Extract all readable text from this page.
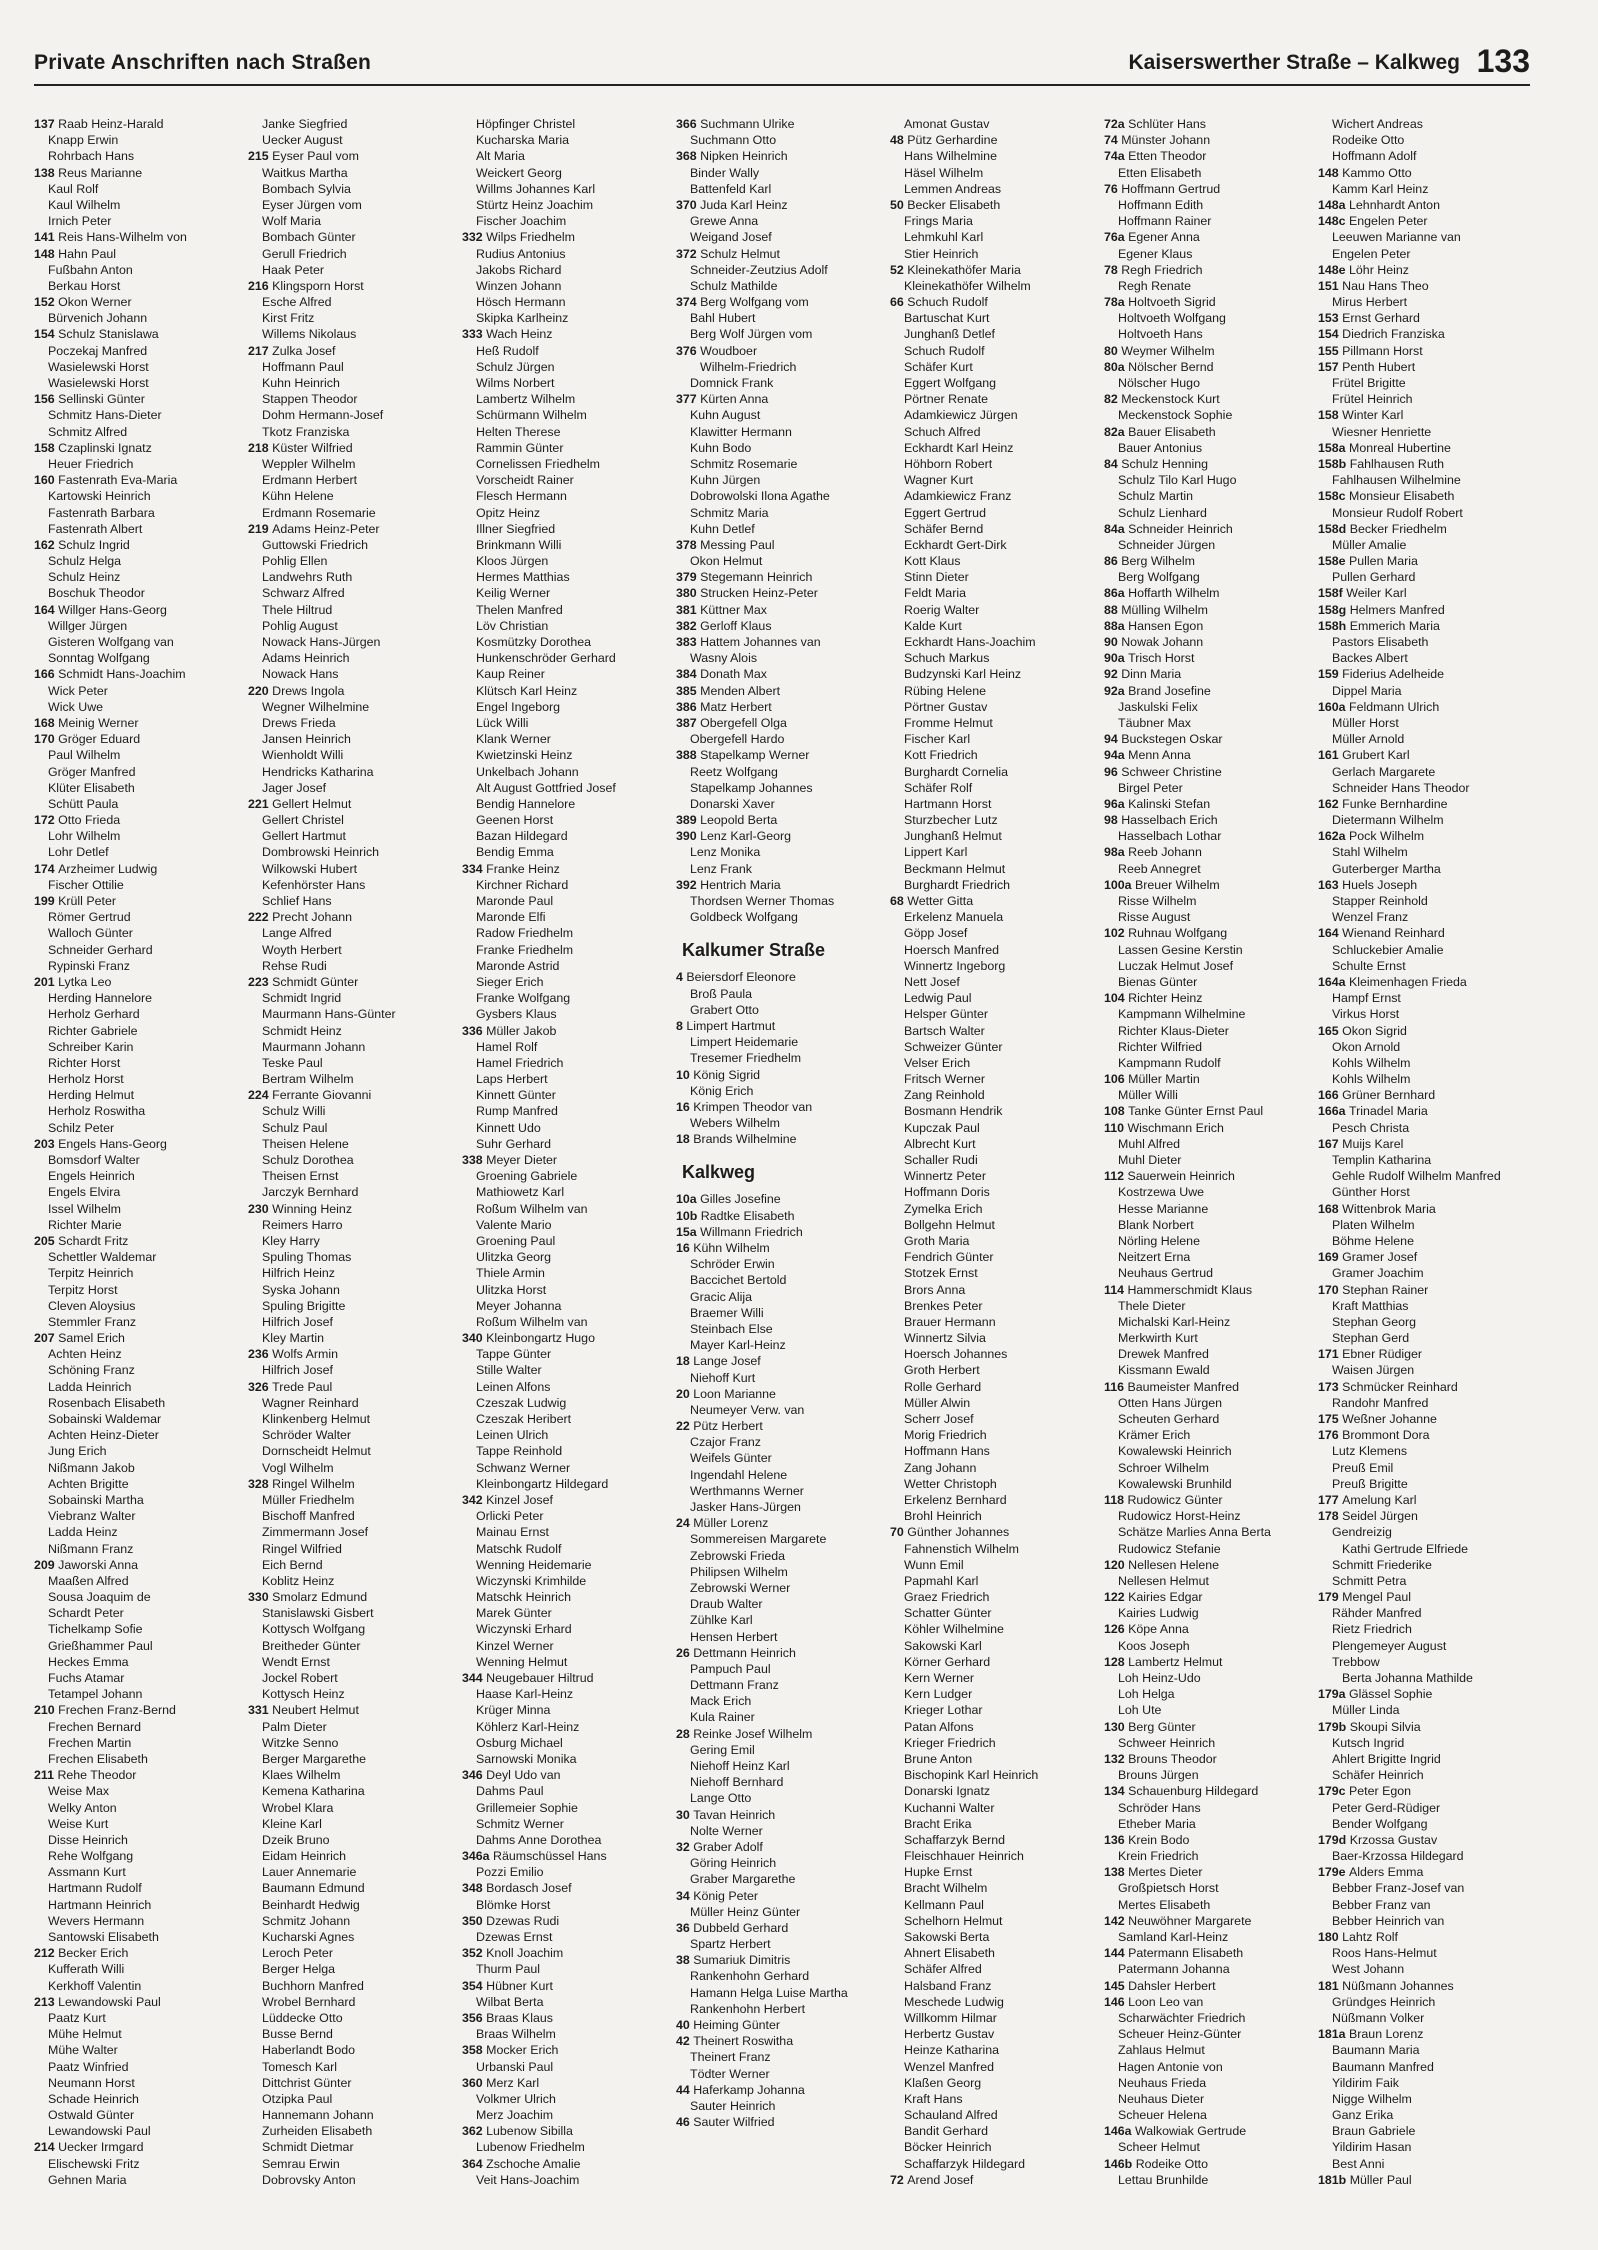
Private Anschriften nach Straßen	Kaiserswerther Straße – Kalkweg 133
137 Raab Heinz-Harald
Knapp Erwin
Rohrbach Hans
138 Reus Marianne
Kaul Rolf
Kaul Wilhelm
Irnich Peter
141 Reis Hans-Wilhelm von
148 Hahn Paul
Fußbahn Anton
Berkau Horst
152 Okon Werner
Bürvenich Johann
154 Schulz Stanislawa
Poczekaj Manfred
Wasielewski Horst
Wasielewski Horst
156 Sellinski Günter
Schmitz Hans-Dieter
Schmitz Alfred
158 Czaplinski Ignatz
Heuer Friedrich
160 Fastenrath Eva-Maria
Kartowski Heinrich
Fastenrath Barbara
Fastenrath Albert
162 Schulz Ingrid
Schulz Helga
Schulz Heinz
Boschuk Theodor
164 Willger Hans-Georg
Willger Jürgen
Gisteren Wolfgang van
Sonntag Wolfgang
166 Schmidt Hans-Joachim
Wick Peter
Wick Uwe
168 Meinig Werner
170 Gröger Eduard
Paul Wilhelm
Gröger Manfred
Klüter Elisabeth
Schütt Paula
172 Otto Frieda
Lohr Wilhelm
Lohr Detlef
174 Arzheimer Ludwig
Fischer Ottilie
199 Krüll Peter
Römer Gertrud
Walloch Günter
Schneider Gerhard
Rypinski Franz
201 Lytka Leo
Herding Hannelore
Herholz Gerhard
Richter Gabriele
Schreiber Karin
Richter Horst
Herholz Horst
Herding Helmut
Herholz Roswitha
Schilz Peter
203 Engels Hans-Georg
Bomsdorf Walter
Engels Heinrich
Engels Elvira
Issel Wilhelm
Richter Marie
205 Schardt Fritz
Schettler Waldemar
Terpitz Heinrich
Terpitz Horst
Cleven Aloysius
Stemmler Franz
207 Samel Erich
Achten Heinz
Schöning Franz
Ladda Heinrich
Rosenbach Elisabeth
Sobainski Waldemar
Achten Heinz-Dieter
Jung Erich
Nißmann Jakob
Achten Brigitte
Sobainski Martha
Viebranz Walter
Ladda Heinz
Nißmann Franz
209 Jaworski Anna
Maaßen Alfred
Sousa Joaquim de
Schardt Peter
Tichelkamp Sofie
Grießhammer Paul
Heckes Emma
Fuchs Atamar
Tetampel Johann
210 Frechen Franz-Bernd
Frechen Bernard
Frechen Martin
Frechen Elisabeth
211 Rehe Theodor
Weise Max
Welky Anton
Weise Kurt
Disse Heinrich
Rehe Wolfgang
Assmann Kurt
Hartmann Rudolf
Hartmann Heinrich
Wevers Hermann
Santowski Elisabeth
212 Becker Erich
Kufferath Willi
Kerkhoff Valentin
213 Lewandowski Paul
Paatz Kurt
Mühe Helmut
Mühe Walter
Paatz Winfried
Neumann Horst
Schade Heinrich
Ostwald Günter
Lewandowski Paul
214 Uecker Irmgard
Elischewski Fritz
Gehnen Maria
Janke Siegfried
Uecker August
215 Eyser Paul vom
Waitkus Martha
Bombach Sylvia
Eyser Jürgen vom
Wolf Maria
Bombach Günter
Gerull Friedrich
Haak Peter
216 Klingsporn Horst
Esche Alfred
Kirst Fritz
Willems Nikolaus
217 Zulka Josef
Hoffmann Paul
Kuhn Heinrich
Stappen Theodor
Dohm Hermann-Josef
Tkotz Franziska
218 Küster Wilfried
Weppler Wilhelm
Erdmann Herbert
Kühn Helene
Erdmann Rosemarie
219 Adams Heinz-Peter
Guttowski Friedrich
Pohlig Ellen
Landwehrs Ruth
Schwarz Alfred
Thele Hiltrud
Pohlig August
Nowack Hans-Jürgen
Adams Heinrich
Nowack Hans
220 Drews Ingola
Wegner Wilhelmine
Drews Frieda
Jansen Heinrich
Wienholdt Willi
Hendricks Katharina
Jager Josef
221 Gellert Helmut
Gellert Christel
Gellert Hartmut
Dombrowski Heinrich
Wilkowski Hubert
Kefenhörster Hans
Schlief Hans
222 Precht Johann
Lange Alfred
Woyth Herbert
Rehse Rudi
223 Schmidt Günter
Schmidt Ingrid
Maurmann Hans-Günter
Schmidt Heinz
Maurmann Johann
Teske Paul
Bertram Wilhelm
224 Ferrante Giovanni
Schulz Willi
Schulz Paul
Theisen Helene
Schulz Dorothea
Theisen Ernst
Jarczyk Bernhard
230 Winning Heinz
Reimers Harro
Kley Harry
Spuling Thomas
Hilfrich Heinz
Syska Johann
Spuling Brigitte
Hilfrich Josef
Kley Martin
236 Wolfs Armin
Hilfrich Josef
326 Trede Paul
Wagner Reinhard
Klinkenberg Helmut
Schröder Walter
Dornscheidt Helmut
Vogl Wilhelm
328 Ringel Wilhelm
Müller Friedhelm
Bischoff Manfred
Zimmermann Josef
Ringel Wilfried
Eich Bernd
Koblitz Heinz
330 Smolarz Edmund
Stanislawski Gisbert
Kottysch Wolfgang
Breitheder Günter
Wendt Ernst
Jockel Robert
Kottysch Heinz
331 Neubert Helmut
Palm Dieter
Witzke Senno
Berger Margarethe
Klaes Wilhelm
Kemena Katharina
Wrobel Klara
Kleine Karl
Dzeik Bruno
Eidam Heinrich
Lauer Annemarie
Baumann Edmund
Beinhardt Hedwig
Schmitz Johann
Kucharski Agnes
Leroch Peter
Berger Helga
Buchhorn Manfred
Wrobel Bernhard
Lüddecke Otto
Busse Bernd
Haberlandt Bodo
Tomesch Karl
Dittchrist Günter
Otzipka Paul
Hannemann Johann
Zurheiden Elisabeth
Schmidt Dietmar
Semrau Erwin
Dobrovsky Anton
Höpfinger Christel
Kucharska Maria
Alt Maria
Weickert Georg
Willms Johannes Karl
Stürtz Heinz Joachim
Fischer Joachim
332 Wilps Friedhelm
Rudius Antonius
Jakobs Richard
Winzen Johann
Hösch Hermann
Skipka Karlheinz
333 Wach Heinz
Heß Rudolf
Schulz Jürgen
Wilms Norbert
Lambertz Wilhelm
Schürmann Wilhelm
Helten Therese
Rammin Günter
Cornelissen Friedhelm
Vorscheidt Rainer
Flesch Hermann
Opitz Heinz
Illner Siegfried
Brinkmann Willi
Kloos Jürgen
Hermes Matthias
Keilig Werner
Thelen Manfred
Löv Christian
Kosmützky Dorothea
Hunkenschröder Gerhard
Kaup Reiner
Klütsch Karl Heinz
Engel Ingeborg
Lück Willi
Klank Werner
Kwietzinski Heinz
Unkelbach Johann
Alt August Gottfried Josef
Bendig Hannelore
Geenen Horst
Bazan Hildegard
Bendig Emma
334 Franke Heinz
Kirchner Richard
Maronde Paul
Maronde Elfi
Radow Friedhelm
Franke Friedhelm
Maronde Astrid
Sieger Erich
Franke Wolfgang
Gysbers Klaus
336 Müller Jakob
Hamel Rolf
Hamel Friedrich
Laps Herbert
Kinnett Günter
Rump Manfred
Kinnett Udo
Suhr Gerhard
338 Meyer Dieter
Groening Gabriele
Mathiowetz Karl
Roßum Wilhelm van
Valente Mario
Groening Paul
Ulitzka Georg
Thiele Armin
Ulitzka Horst
Meyer Johanna
Roßum Wilhelm van
340 Kleinbongartz Hugo
Tappe Günter
Stille Walter
Leinen Alfons
Czeszak Ludwig
Czeszak Heribert
Leinen Ulrich
Tappe Reinhold
Schwanz Werner
Kleinbongartz Hildegard
342 Kinzel Josef
Orlicki Peter
Mainau Ernst
Matschk Rudolf
Wenning Heidemarie
Wiczynski Krimhilde
Matschk Heinrich
Marek Günter
Wiczynski Erhard
Kinzel Werner
Wenning Helmut
344 Neugebauer Hiltrud
Haase Karl-Heinz
Krüger Minna
Köhlerz Karl-Heinz
Osburg Michael
Sarnowski Monika
346 Deyl Udo van
Dahms Paul
Grillemeier Sophie
Schmitz Werner
Dahms Anne Dorothea
346a Räumschüssel Hans
Pozzi Emilio
348 Bordasch Josef
Blömke Horst
350 Dzewas Rudi
Dzewas Ernst
352 Knoll Joachim
Thurm Paul
354 Hübner Kurt
Wilbat Berta
356 Braas Klaus
Braas Wilhelm
358 Mocker Erich
Urbanski Paul
360 Merz Karl
Volkmer Ulrich
Merz Joachim
362 Lubenow Sibilla
Lubenow Friedhelm
364 Zschoche Amalie
Veit Hans-Joachim
366 Suchmann Ulrike
Suchmann Otto
368 Nipken Heinrich
Binder Wally
Battenfeld Karl
370 Juda Karl Heinz
Grewe Anna
Weigand Josef
372 Schulz Helmut
Schneider-Zeutzius Adolf
Schulz Mathilde
374 Berg Wolfgang vom
Bahl Hubert
Berg Wolf Jürgen vom
376 Woudboer
Wilhelm-Friedrich
Domnick Frank
377 Kürten Anna
Kuhn August
Klawitter Hermann
Kuhn Bodo
Schmitz Rosemarie
Kuhn Jürgen
Dobrowolski Ilona Agathe
Schmitz Maria
Kuhn Detlef
378 Messing Paul
Okon Helmut
379 Stegemann Heinrich
380 Strucken Heinz-Peter
381 Küttner Max
382 Gerloff Klaus
383 Hattem Johannes van
Wasny Alois
384 Donath Max
385 Menden Albert
386 Matz Herbert
387 Obergefell Olga
Obergefell Hardo
388 Stapelkamp Werner
Reetz Wolfgang
Stapelkamp Johannes
Donarski Xaver
389 Leopold Berta
390 Lenz Karl-Georg
Lenz Monika
Lenz Frank
392 Hentrich Maria
Thordsen Werner Thomas
Goldbeck Wolfgang
Kalkumer Straße
4 Beiersdorf Eleonore
Broß Paula
Grabert Otto
8 Limpert Hartmut
Limpert Heidemarie
Tresemer Friedhelm
10 König Sigrid
König Erich
16 Krimpen Theodor van
Webers Wilhelm
18 Brands Wilhelmine
Kalkweg
10a Gilles Josefine
10b Radtke Elisabeth
15a Willmann Friedrich
16 Kühn Wilhelm
Schröder Erwin
Baccichet Bertold
Gracic Alija
Braemer Willi
Steinbach Else
Mayer Karl-Heinz
18 Lange Josef
Niehoff Kurt
20 Loon Marianne
Neumeyer Verw. van
22 Pütz Herbert
Czajor Franz
Weifels Günter
Ingendahl Helene
Werthmanns Werner
Jasker Hans-Jürgen
24 Müller Lorenz
Sommereisen Margarete
Zebrowski Frieda
Philipsen Wilhelm
Zebrowski Werner
Draub Walter
Zühlke Karl
Hensen Herbert
26 Dettmann Heinrich
Pampuch Paul
Dettmann Franz
Mack Erich
Kula Rainer
28 Reinke Josef Wilhelm
Gering Emil
Niehoff Heinz Karl
Niehoff Bernhard
Lange Otto
30 Tavan Heinrich
Nolte Werner
32 Graber Adolf
Göring Heinrich
Graber Margarethe
34 König Peter
Müller Heinz Günter
36 Dubbeld Gerhard
Spartz Herbert
38 Sumariuk Dimitris
Rankenhohn Gerhard
Hamann Helga Luise Martha
Rankenhohn Herbert
40 Heiming Günter
42 Theinert Roswitha
Theinert Franz
Tödter Werner
44 Haferkamp Johanna
Sauter Heinrich
46 Sauter Wilfried
Amonat Gustav
48 Pütz Gerhardine
Hans Wilhelmine
Häsel Wilhelm
Lemmen Andreas
50 Becker Elisabeth
Frings Maria
Lehmkuhl Karl
Stier Heinrich
52 Kleinekathöfer Maria
Kleinekathöfer Wilhelm
66 Schuch Rudolf
Bartuschat Kurt
Junghanß Detlef
Schuch Rudolf
Schäfer Kurt
Eggert Wolfgang
Pörtner Renate
Adamkiewicz Jürgen
Schuch Alfred
Eckhardt Karl Heinz
Höhborn Robert
Wagner Kurt
Adamkiewicz Franz
Eggert Gertrud
Schäfer Bernd
Eckhardt Gert-Dirk
Kott Klaus
Stinn Dieter
Feldt Maria
Roerig Walter
Kalde Kurt
Eckhardt Hans-Joachim
Schuch Markus
Budzynski Karl Heinz
Rübing Helene
Pörtner Gustav
Fromme Helmut
Fischer Karl
Kott Friedrich
Burghardt Cornelia
Schäfer Rolf
Hartmann Horst
Sturzbecher Lutz
Junghanß Helmut
Lippert Karl
Beckmann Helmut
Burghardt Friedrich
68 Wetter Gitta
Erkelenz Manuela
Göpp Josef
Hoersch Manfred
Winnertz Ingeborg
Nett Josef
Ledwig Paul
Helsper Günter
Bartsch Walter
Schweizer Günter
Velser Erich
Fritsch Werner
Zang Reinhold
Bosmann Hendrik
Kupczak Paul
Albrecht Kurt
Schaller Rudi
Winnertz Peter
Hoffmann Doris
Zymelka Erich
Bollgehn Helmut
Groth Maria
Fendrich Günter
Stotzek Ernst
Brors Anna
Brenkes Peter
Brauer Hermann
Winnertz Silvia
Hoersch Johannes
Groth Herbert
Rolle Gerhard
Müller Alwin
Scherr Josef
Morig Friedrich
Hoffmann Hans
Zang Johann
Wetter Christoph
Erkelenz Bernhard
Brohl Heinrich
70 Günther Johannes
Fahnenstich Wilhelm
Wunn Emil
Papmahl Karl
Graez Friedrich
Schatter Günter
Köhler Wilhelmine
Sakowski Karl
Körner Gerhard
Kern Werner
Kern Ludger
Krieger Lothar
Patan Alfons
Krieger Friedrich
Brune Anton
Bischopink Karl Heinrich
Donarski Ignatz
Kuchanni Walter
Bracht Erika
Schaffarzyk Bernd
Fleischhauer Heinrich
Hupke Ernst
Bracht Wilhelm
Kellmann Paul
Schelhorn Helmut
Sakowski Berta
Ahnert Elisabeth
Schäfer Alfred
Halsband Franz
Meschede Ludwig
Willkomm Hilmar
Herbertz Gustav
Heinze Katharina
Wenzel Manfred
Klaßen Georg
Kraft Hans
Schauland Alfred
Bandit Gerhard
Böcker Heinrich
Schaffarzyk Hildegard
72 Arend Josef
72a Schlüter Hans
74 Münster Johann
74a Etten Theodor
Etten Elisabeth
76 Hoffmann Gertrud
Hoffmann Edith
Hoffmann Rainer
76a Egener Anna
Egener Klaus
78 Regh Friedrich
Regh Renate
78a Holtvoeth Sigrid
Holtvoeth Wolfgang
Holtvoeth Hans
80 Weymer Wilhelm
80a Nölscher Bernd
Nölscher Hugo
82 Meckenstock Kurt
Meckenstock Sophie
82a Bauer Elisabeth
Bauer Antonius
84 Schulz Henning
Schulz Tilo Karl Hugo
Schulz Martin
Schulz Lienhard
84a Schneider Heinrich
Schneider Jürgen
86 Berg Wilhelm
Berg Wolfgang
86a Hoffarth Wilhelm
88 Mülling Wilhelm
88a Hansen Egon
90 Nowak Johann
90a Trisch Horst
92 Dinn Maria
92a Brand Josefine
Jaskulski Felix
Täubner Max
94 Buckstegen Oskar
94a Menn Anna
96 Schweer Christine
Birgel Peter
96a Kalinski Stefan
98 Hasselbach Erich
Hasselbach Lothar
98a Reeb Johann
Reeb Annegret
100a Breuer Wilhelm
Risse Wilhelm
Risse August
102 Ruhnau Wolfgang
Lassen Gesine Kerstin
Luczak Helmut Josef
Bienas Günter
104 Richter Heinz
Kampmann Wilhelmine
Richter Klaus-Dieter
Richter Wilfried
Kampmann Rudolf
106 Müller Martin
Müller Willi
108 Tanke Günter Ernst Paul
110 Wischmann Erich
Muhl Alfred
Muhl Dieter
112 Sauerwein Heinrich
Kostrzewa Uwe
Hesse Marianne
Blank Norbert
Nörling Helene
Neitzert Erna
Neuhaus Gertrud
114 Hammerschmidt Klaus
Thele Dieter
Michalski Karl-Heinz
Merkwirth Kurt
Drewek Manfred
Kissmann Ewald
116 Baumeister Manfred
Otten Hans Jürgen
Scheuten Gerhard
Krämer Erich
Kowalewski Heinrich
Schroer Wilhelm
Kowalewski Brunhild
118 Rudowicz Günter
Rudowicz Horst-Heinz
Schätze Marlies Anna Berta
Rudowicz Stefanie
120 Nellesen Helene
Nellesen Helmut
122 Kairies Edgar
Kairies Ludwig
126 Köpe Anna
Koos Joseph
128 Lambertz Helmut
Loh Heinz-Udo
Loh Helga
Loh Ute
130 Berg Günter
Schweer Heinrich
132 Brouns Theodor
Brouns Jürgen
134 Schauenburg Hildegard
Schröder Hans
Etheber Maria
136 Krein Bodo
Krein Friedrich
138 Mertes Dieter
Großpietsch Horst
Mertes Elisabeth
142 Neuwöhner Margarete
Samland Karl-Heinz
144 Patermann Elisabeth
Patermann Johanna
145 Dahsler Herbert
146 Loon Leo van
Scharwächter Friedrich
Scheuer Heinz-Günter
Zahlaus Helmut
Hagen Antonie von
Neuhaus Frieda
Neuhaus Dieter
Scheuer Helena
146a Walkowiak Gertrude
Scheer Helmut
146b Rodeike Otto
Lettau Brunhilde
Wichert Andreas
Rodeike Otto
Hoffmann Adolf
148 Kammo Otto
Kamm Karl Heinz
148a Lehnhardt Anton
148c Engelen Peter
Leeuwen Marianne van
Engelen Peter
148e Löhr Heinz
151 Nau Hans Theo
Mirus Herbert
153 Ernst Gerhard
154 Diedrich Franziska
155 Pillmann Horst
157 Penth Hubert
Frütel Brigitte
Frütel Heinrich
158 Winter Karl
Wiesner Henriette
158a Monreal Hubertine
158b Fahlhausen Ruth
Fahlhausen Wilhelmine
158c Monsieur Elisabeth
Monsieur Rudolf Robert
158d Becker Friedhelm
Müller Amalie
158e Pullen Maria
Pullen Gerhard
158f Weiler Karl
158g Helmers Manfred
158h Emmerich Maria
Pastors Elisabeth
Backes Albert
159 Fiderius Adelheide
Dippel Maria
160a Feldmann Ulrich
Müller Horst
Müller Arnold
161 Grubert Karl
Gerlach Margarete
Schneider Hans Theodor
162 Funke Bernhardine
Dietermann Wilhelm
162a Pock Wilhelm
Stahl Wilhelm
Guterberger Martha
163 Huels Joseph
Stapper Reinhold
Wenzel Franz
164 Wienand Reinhard
Schluckebier Amalie
Schulte Ernst
164a Kleimenhagen Frieda
Hampf Ernst
Virkus Horst
165 Okon Sigrid
Okon Arnold
Kohls Wilhelm
Kohls Wilhelm
166 Grüner Bernhard
166a Trinadel Maria
Pesch Christa
167 Muijs Karel
Templin Katharina
Gehle Rudolf Wilhelm Manfred
Günther Horst
168 Wittenbrok Maria
Platen Wilhelm
Böhme Helene
169 Gramer Josef
Gramer Joachim
170 Stephan Rainer
Kraft Matthias
Stephan Georg
Stephan Gerd
171 Ebner Rüdiger
Waisen Jürgen
173 Schmücker Reinhard
Randohr Manfred
175 Weßner Johanne
176 Brommont Dora
Lutz Klemens
Preuß Emil
Preuß Brigitte
177 Amelung Karl
178 Seidel Jürgen
Gendreizig
Kathi Gertrude Elfriede
Schmitt Friederike
Schmitt Petra
179 Mengel Paul
Rähder Manfred
Rietz Friedrich
Plengemeyer August
Trebbow
Berta Johanna Mathilde
179a Glässel Sophie
Müller Linda
179b Skoupi Silvia
Kutsch Ingrid
Ahlert Brigitte Ingrid
Schäfer Heinrich
179c Peter Egon
Peter Gerd-Rüdiger
Bender Wolfgang
179d Krzossa Gustav
Baer-Krzossa Hildegard
179e Alders Emma
Bebber Franz-Josef van
Bebber Franz van
Bebber Heinrich van
180 Lahtz Rolf
Roos Hans-Helmut
West Johann
181 Nüßmann Johannes
Gründges Heinrich
Nüßmann Volker
181a Braun Lorenz
Baumann Maria
Baumann Manfred
Yildirim Faik
Nigge Wilhelm
Ganz Erika
Braun Gabriele
Yildirim Hasan
Best Anni
181b Müller Paul
